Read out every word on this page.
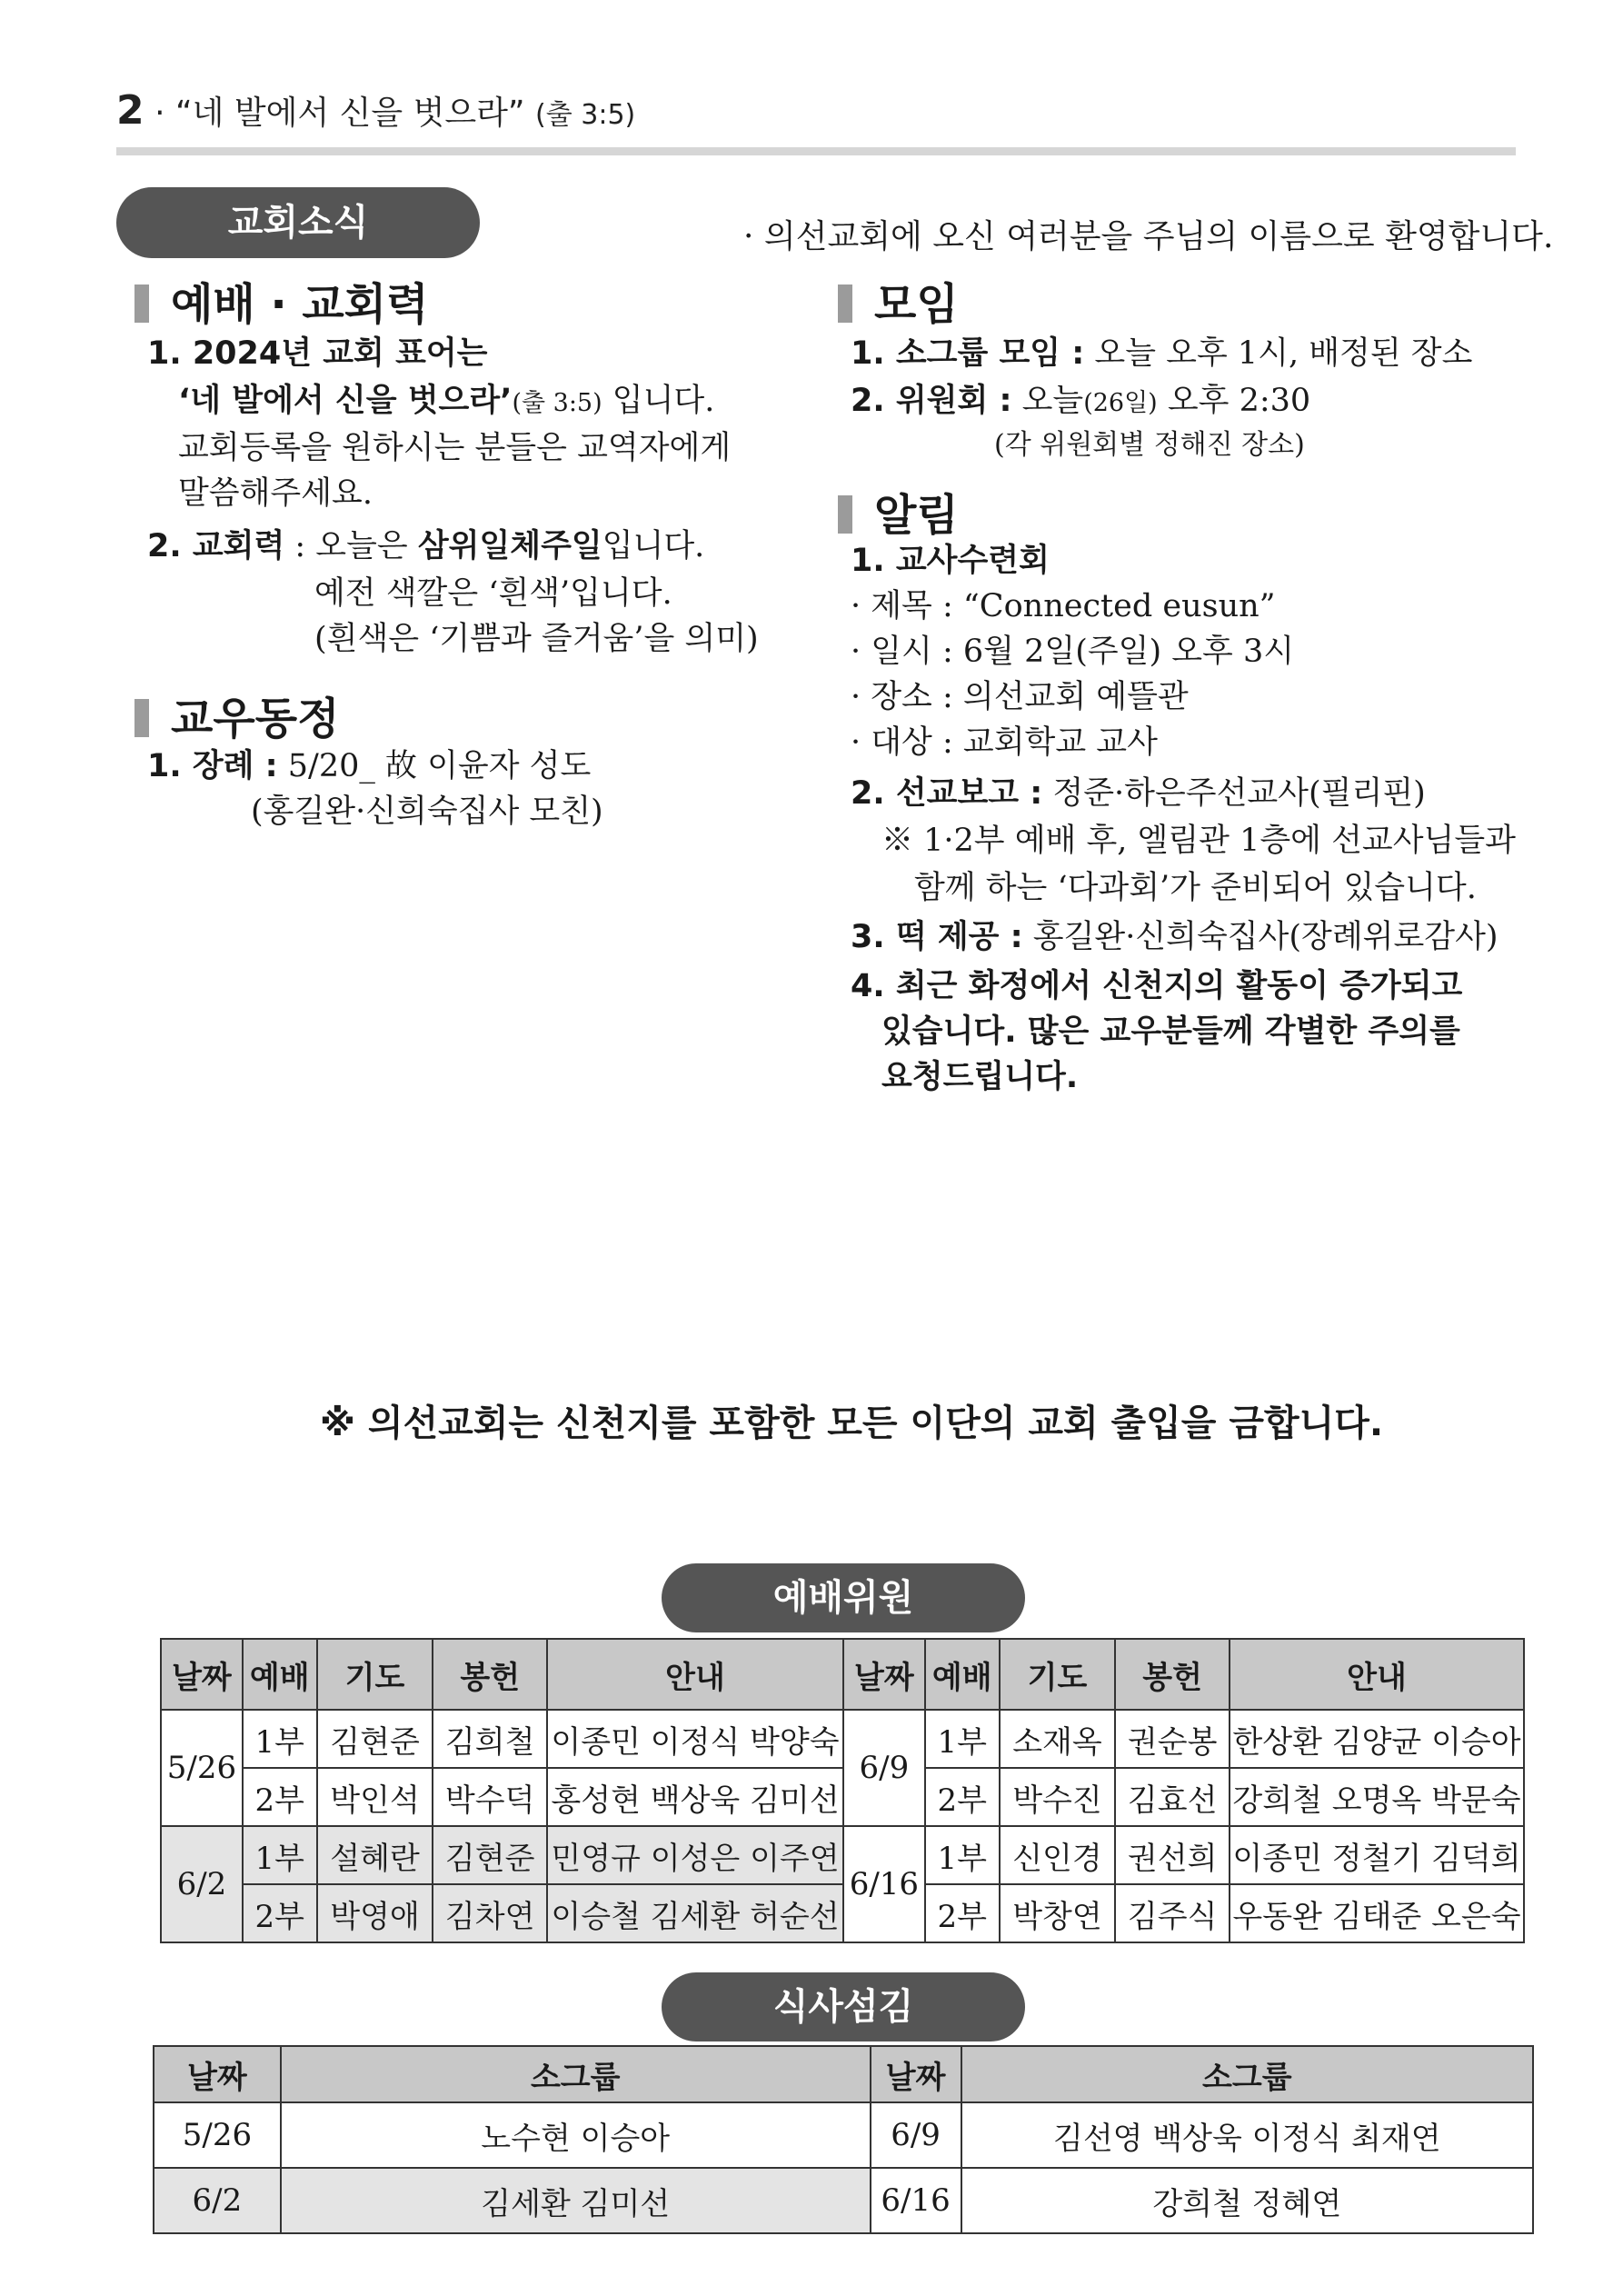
2 · “네 발에서 신을 벗으라” (출 3:5)
교회소식	· 의선교회에 오신 여러분을 주님의 이름으로 환영합니다.
예배 · 교회력
1. 2024년 교회 표어는
‘네 발에서 신을 벗으라’(출 3:5) 입니다.
교회등록을 원하시는 분들은 교역자에게
말씀해주세요.
2. 교회력 : 오늘은 삼위일체주일입니다.
예전 색깔은 ‘흰색’입니다.
(흰색은 ‘기쁨과 즐거움’을 의미)
교우동정
1. 장례 : 5/20_ 故 이윤자 성도
(홍길완·신희숙집사 모친)
모임
1. 소그룹 모임 : 오늘 오후 1시, 배정된 장소
2. 위원회 : 오늘(26일) 오후 2:30
(각 위원회별 정해진 장소)
알림
1. 교사수련회
· 제목 : “Connected eusun”
· 일시 : 6월 2일(주일) 오후 3시
· 장소 : 의선교회 예뜰관
· 대상 : 교회학교 교사
2. 선교보고 : 정준·하은주선교사(필리핀)
※ 1·2부 예배 후, 엘림관 1층에 선교사님들과
함께 하는 ‘다과회’가 준비되어 있습니다.
3. 떡 제공 : 홍길완·신희숙집사(장례위로감사)
4. 최근 화정에서 신천지의 활동이 증가되고
있습니다. 많은 교우분들께 각별한 주의를
요청드립니다.
※ 의선교회는 신천지를 포함한 모든 이단의 교회 출입을 금합니다.
예배위원
날짜	예배	기도	봉헌	안내	날짜	예배	기도	봉헌	안내
5/26	1부	김현준	김희철	이종민 이정식 박양숙	6/9	1부	소재옥	권순봉	한상환 김양균 이승아
	2부	박인석	박수덕	홍성현 백상욱 김미선		2부	박수진	김효선	강희철 오명옥 박문숙
6/2	1부	설혜란	김현준	민영규 이성은 이주연	6/16	1부	신인경	권선희	이종민 정철기 김덕희
	2부	박영애	김차연	이승철 김세환 허순선		2부	박창연	김주식	우동완 김태준 오은숙
식사섬김
날짜	소그룹	날짜	소그룹
5/26	노수현 이승아	6/9	김선영 백상욱 이정식 최재연
6/2	김세환 김미선	6/16	강희철 정혜연
